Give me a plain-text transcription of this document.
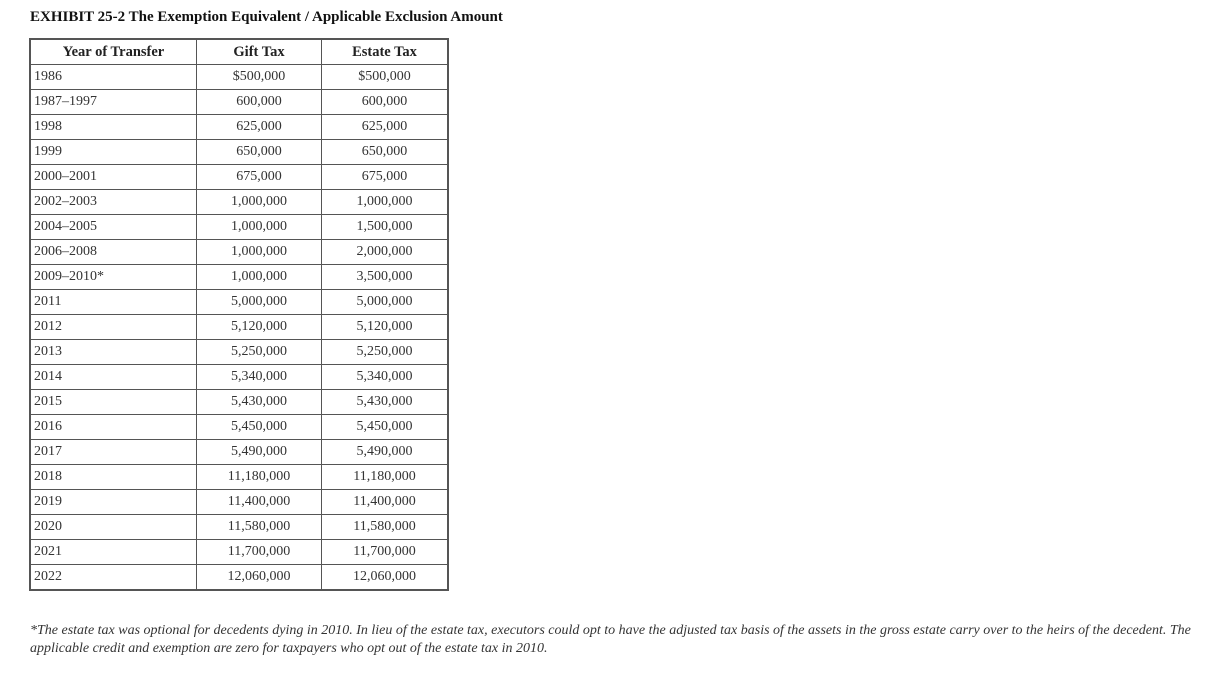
EXHIBIT 25-2 The Exemption Equivalent / Applicable Exclusion Amount
Year of Transfer	Gift Tax	Estate Tax
1986	$500,000	$500,000
1987–1997	600,000	600,000
1998	625,000	625,000
1999	650,000	650,000
2000–2001	675,000	675,000
2002–2003	1,000,000	1,000,000
2004–2005	1,000,000	1,500,000
2006–2008	1,000,000	2,000,000
2009–2010*	1,000,000	3,500,000
2011	5,000,000	5,000,000
2012	5,120,000	5,120,000
2013	5,250,000	5,250,000
2014	5,340,000	5,340,000
2015	5,430,000	5,430,000
2016	5,450,000	5,450,000
2017	5,490,000	5,490,000
2018	11,180,000	11,180,000
2019	11,400,000	11,400,000
2020	11,580,000	11,580,000
2021	11,700,000	11,700,000
2022	12,060,000	12,060,000
*The estate tax was optional for decedents dying in 2010. In lieu of the estate tax, executors could opt to have the adjusted tax basis of the assets in the gross estate carry over to the heirs of the decedent. The applicable credit and exemption are zero for taxpayers who opt out of the estate tax in 2010.
